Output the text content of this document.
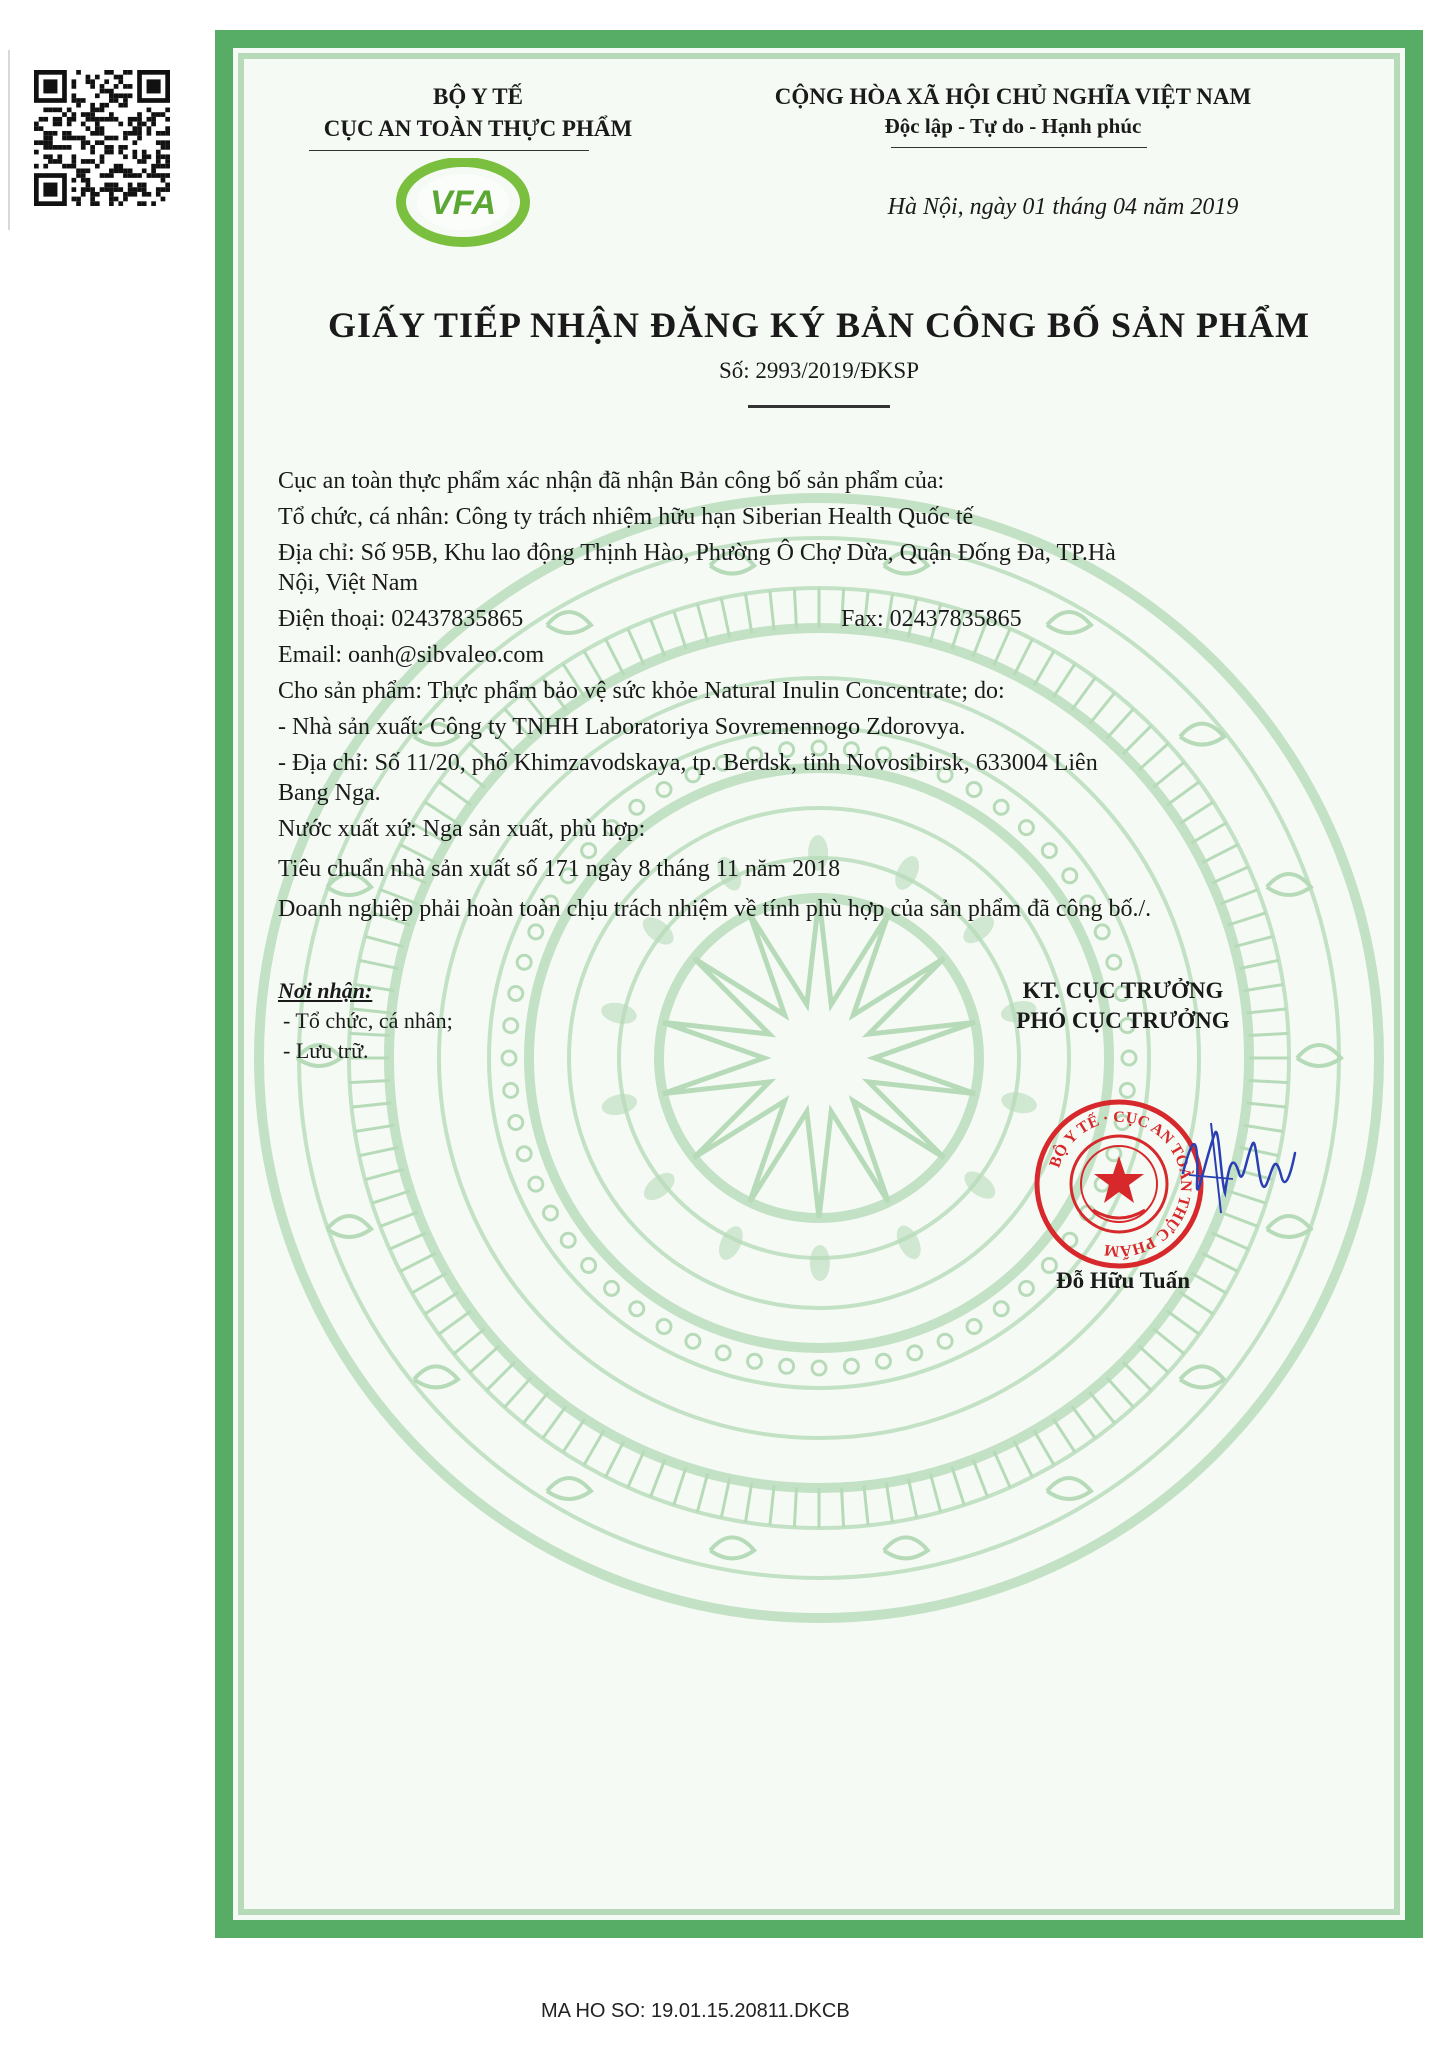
BỘ Y TẾ
CỤC AN TOÀN THỰC PHẨM
VFA
CỘNG HÒA XÃ HỘI CHỦ NGHĨA VIỆT NAM
Độc lập - Tự do - Hạnh phúc
Hà Nội, ngày 01 tháng 04 năm 2019
GIẤY TIẾP NHẬN ĐĂNG KÝ BẢN CÔNG BỐ SẢN PHẨM
Số: 2993/2019/ĐKSP
Cục an toàn thực phẩm xác nhận đã nhận Bản công bố sản phẩm của:
Tổ chức, cá nhân: Công ty trách nhiệm hữu hạn Siberian Health Quốc tế
Địa chỉ: Số 95B, Khu lao động Thịnh Hào, Phường Ô Chợ Dừa, Quận Đống Đa, TP.Hà
Nội, Việt Nam
Điện thoại: 02437835865	Fax: 02437835865
Email: oanh@sibvaleo.com
Cho sản phẩm: Thực phẩm bảo vệ sức khỏe Natural Inulin Concentrate; do:
- Nhà sản xuất: Công ty TNHH Laboratoriya Sovremennogo Zdorovya.
- Địa chỉ: Số 11/20, phố Khimzavodskaya, tp. Berdsk, tỉnh Novosibirsk, 633004 Liên
Bang Nga.
Nước xuất xứ: Nga sản xuất, phù hợp:
Tiêu chuẩn nhà sản xuất số 171 ngày 8 tháng 11 năm 2018
Doanh nghiệp phải hoàn toàn chịu trách nhiệm về tính phù hợp của sản phẩm đã công bố./.
Nơi nhận:
- Tổ chức, cá nhân;
- Lưu trữ.
KT. CỤC TRƯỞNG
PHÓ CỤC TRƯỞNG
BỘ Y TẾ · CỤC AN TOÀN THỰC PHẨM
Đỗ Hữu Tuấn
MA HO SO: 19.01.15.20811.DKCB
